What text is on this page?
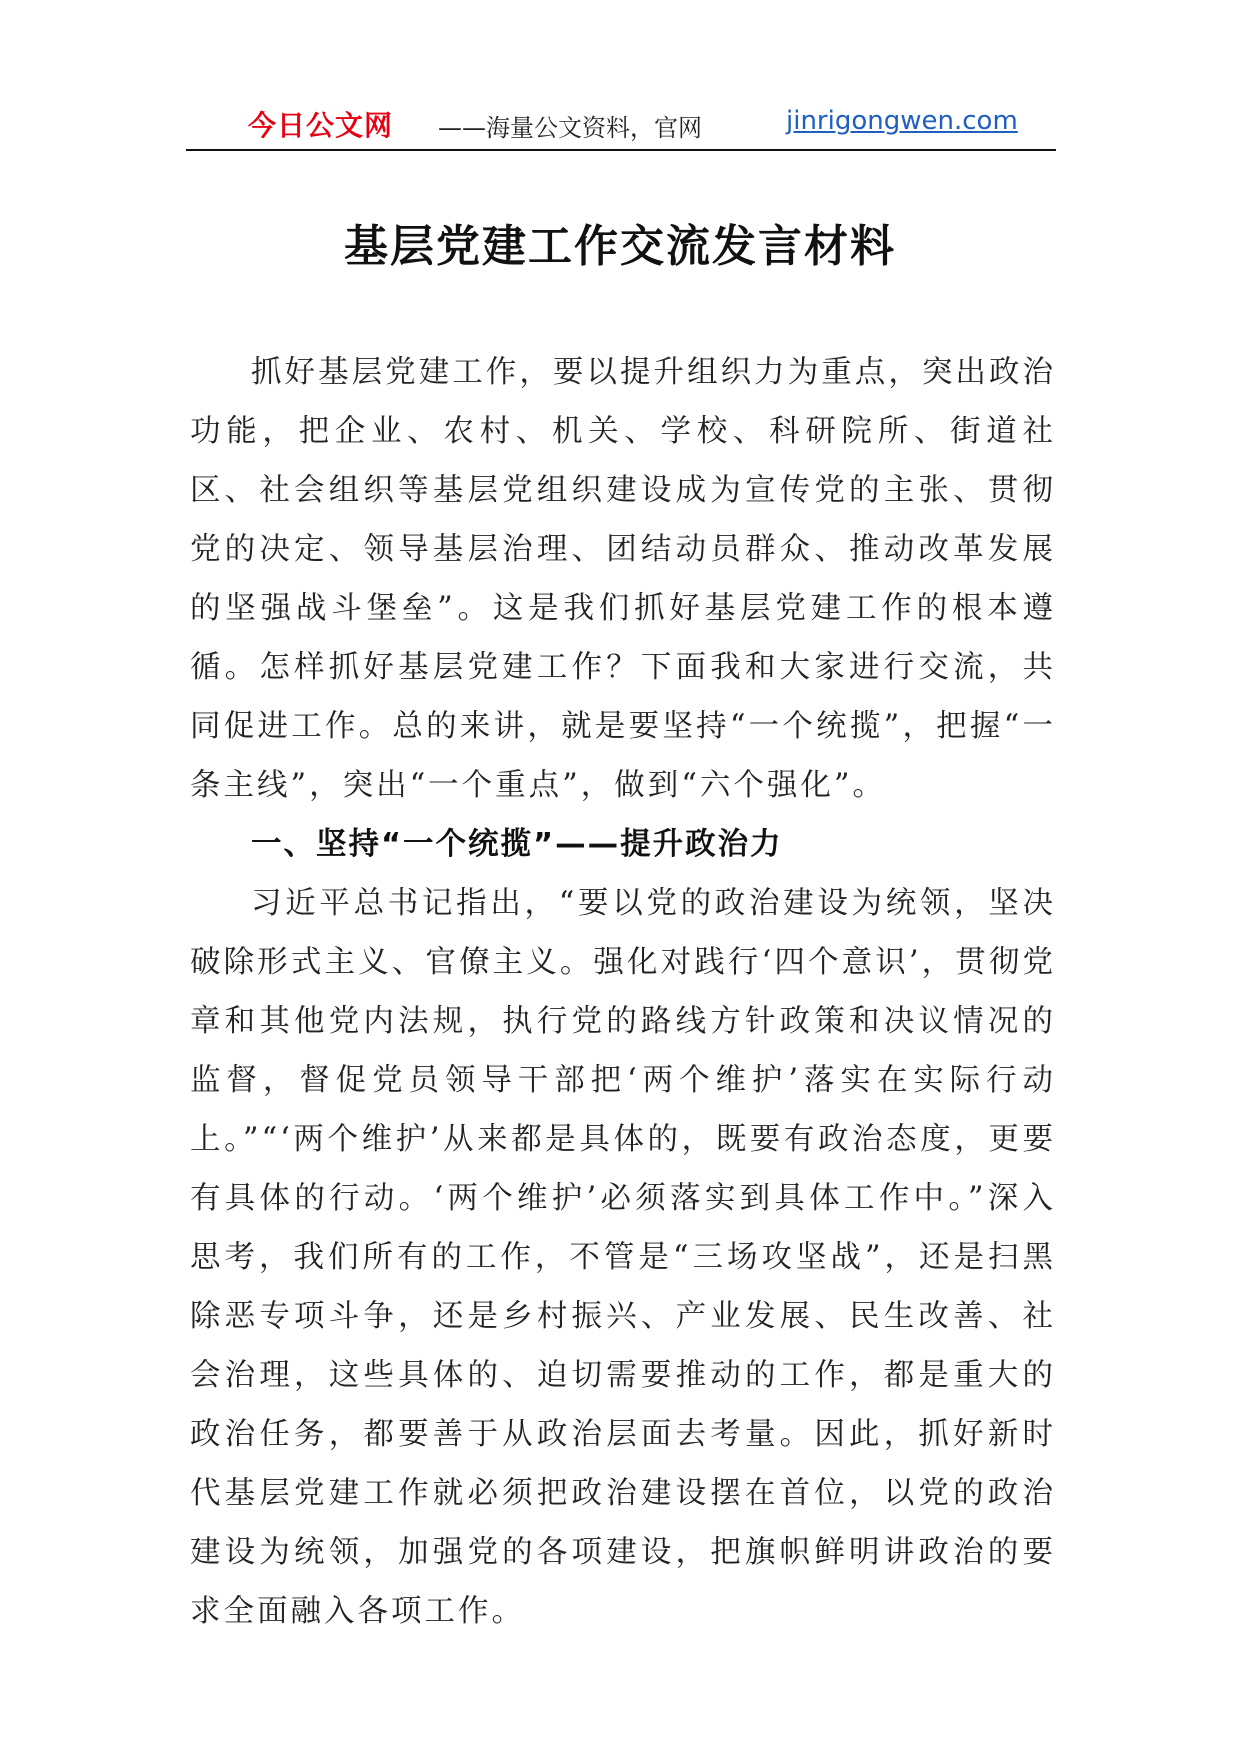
今日公文网 ——海量公文资料，官网	jinrigongwen.com
基层党建工作交流发言材料

抓好基层党建工作，要以提升组织力为重点，突出政治功能，把企业、农村、机关、学校、科研院所、街道社区、社会组织等基层党组织建设成为宣传党的主张、贯彻党的决定、领导基层治理、团结动员群众、推动改革发展的坚强战斗堡垒”。这是我们抓好基层党建工作的根本遵循。怎样抓好基层党建工作？下面我和大家进行交流，共同促进工作。总的来讲，就是要坚持“一个统揽”，把握“一条主线”，突出“一个重点”，做到“六个强化”。

一、坚持“一个统揽”——提升政治力

习近平总书记指出，“要以党的政治建设为统领，坚决破除形式主义、官僚主义。强化对践行‘四个意识’，贯彻党章和其他党内法规，执行党的路线方针政策和决议情况的监督，督促党员领导干部把‘两个维护’落实在实际行动上。”“‘两个维护’从来都是具体的，既要有政治态度，更要有具体的行动。‘两个维护’必须落实到具体工作中。”深入思考，我们所有的工作，不管是“三场攻坚战”，还是扫黑除恶专项斗争，还是乡村振兴、产业发展、民生改善、社会治理，这些具体的、迫切需要推动的工作，都是重大的政治任务，都要善于从政治层面去考量。因此，抓好新时代基层党建工作就必须把政治建设摆在首位，以党的政治建设为统领，加强党的各项建设，把旗帜鲜明讲政治的要求全面融入各项工作。
